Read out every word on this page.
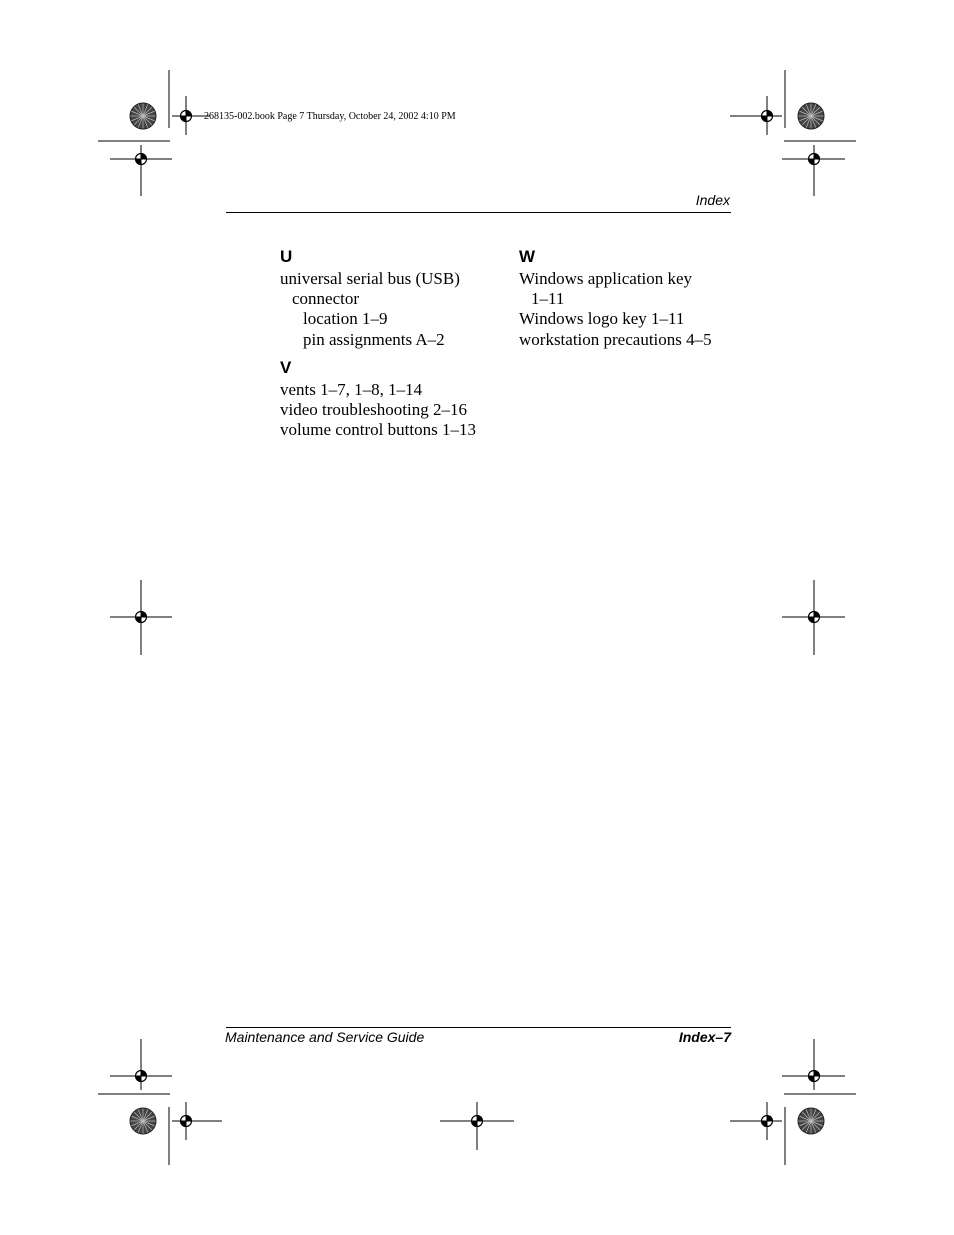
268135-002.book Page 7 Thursday, October 24, 2002 4:10 PM
Index
U
universal serial bus (USB)
connector
location 1–9
pin assignments A–2
V
vents 1–7, 1–8, 1–14
video troubleshooting 2–16
volume control buttons 1–13
W
Windows application key
1–11
Windows logo key 1–11
workstation precautions 4–5
Maintenance and Service Guide	Index–7
